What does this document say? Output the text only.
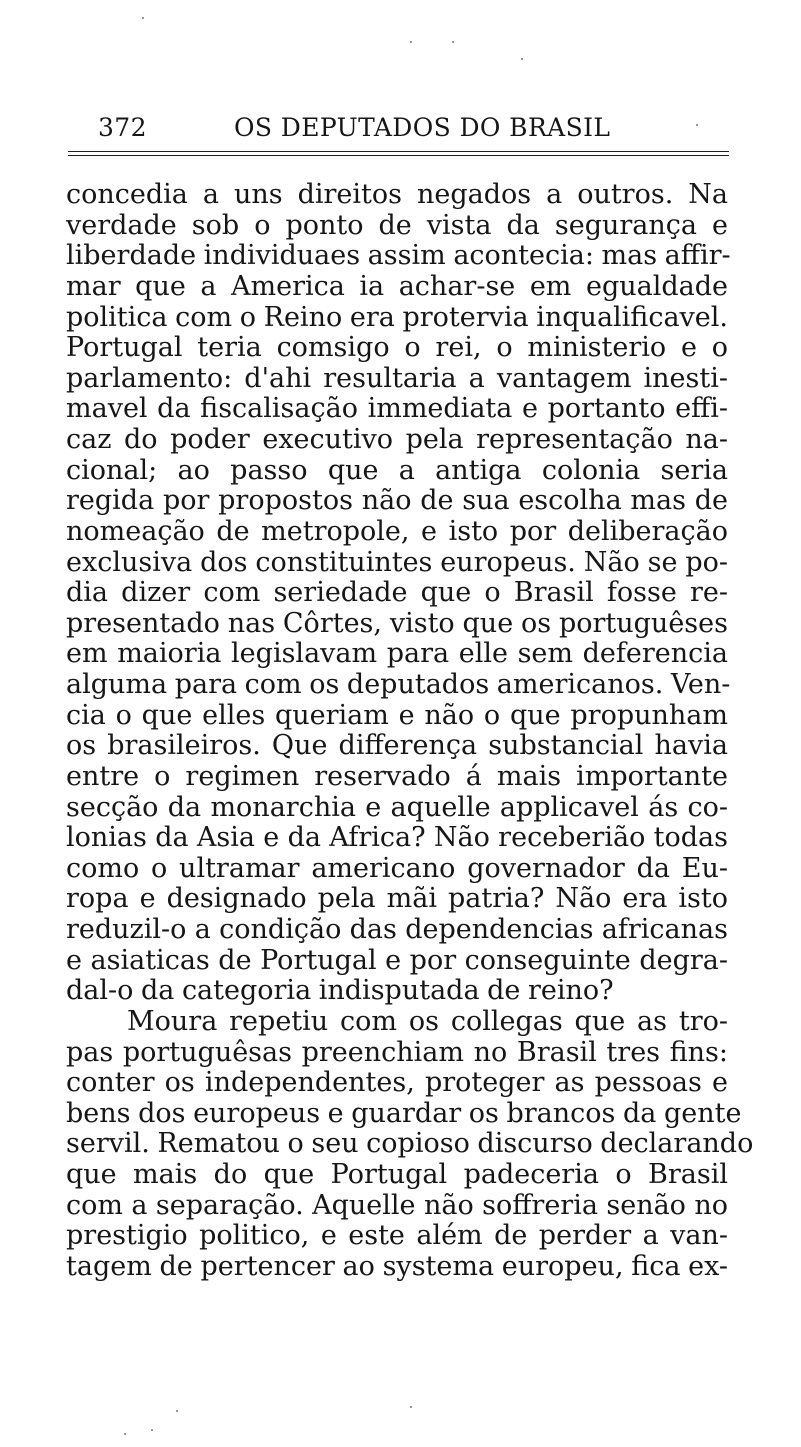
372	OS DEPUTADOS DO BRASIL
concedia a uns direitos negados a outros. Na
verdade sob o ponto de vista da segurança e
liberdade individuaes assim acontecia: mas affir-
mar que a America ia achar-se em egualdade
politica com o Reino era protervia inqualificavel.
Portugal teria comsigo o rei, o ministerio e o
parlamento: d'ahi resultaria a vantagem inesti-
mavel da fiscalisação immediata e portanto effi-
caz do poder executivo pela representação na-
cional; ao passo que a antiga colonia seria
regida por propostos não de sua escolha mas de
nomeação de metropole, e isto por deliberação
exclusiva dos constituintes europeus. Não se po-
dia dizer com seriedade que o Brasil fosse re-
presentado nas Côrtes, visto que os portuguêses
em maioria legislavam para elle sem deferencia
alguma para com os deputados americanos. Ven-
cia o que elles queriam e não o que propunham
os brasileiros. Que differença substancial havia
entre o regimen reservado á mais importante
secção da monarchia e aquelle applicavel ás co-
lonias da Asia e da Africa? Não receberião todas
como o ultramar americano governador da Eu-
ropa e designado pela mãi patria? Não era isto
reduzil-o a condição das dependencias africanas
e asiaticas de Portugal e por conseguinte degra-
dal-o da categoria indisputada de reino?
Moura repetiu com os collegas que as tro-
pas portuguêsas preenchiam no Brasil tres fins:
conter os independentes, proteger as pessoas e
bens dos europeus e guardar os brancos da gente
servil. Rematou o seu copioso discurso declarando
que mais do que Portugal padeceria o Brasil
com a separação. Aquelle não soffreria senão no
prestigio politico, e este além de perder a van-
tagem de pertencer ao systema europeu, fica ex-
